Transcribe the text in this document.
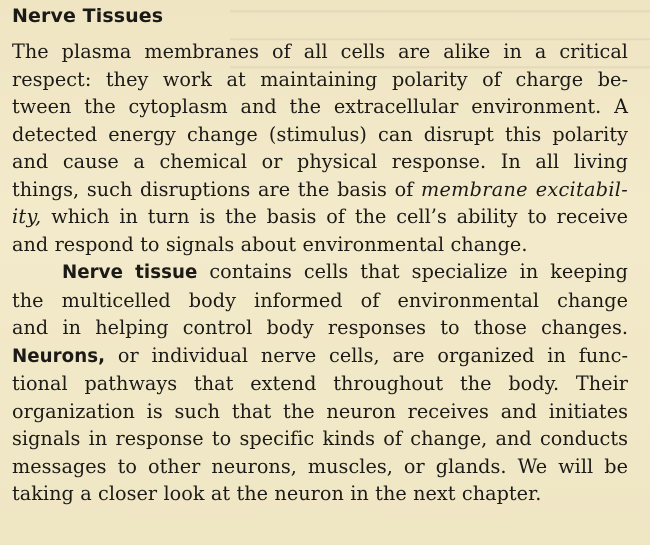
Nerve Tissues

The plasma membranes of all cells are alike in a critical
respect: they work at maintaining polarity of charge be-
tween the cytoplasm and the extracellular environment. A
detected energy change (stimulus) can disrupt this polarity
and cause a chemical or physical response. In all living
things, such disruptions are the basis of membrane excitabil-
ity, which in turn is the basis of the cell’s ability to receive
and respond to signals about environmental change.

Nerve tissue contains cells that specialize in keeping
the multicelled body informed of environmental change
and in helping control body responses to those changes.
Neurons, or individual nerve cells, are organized in func-
tional pathways that extend throughout the body. Their
organization is such that the neuron receives and initiates
signals in response to specific kinds of change, and conducts
messages to other neurons, muscles, or glands. We will be
taking a closer look at the neuron in the next chapter.
